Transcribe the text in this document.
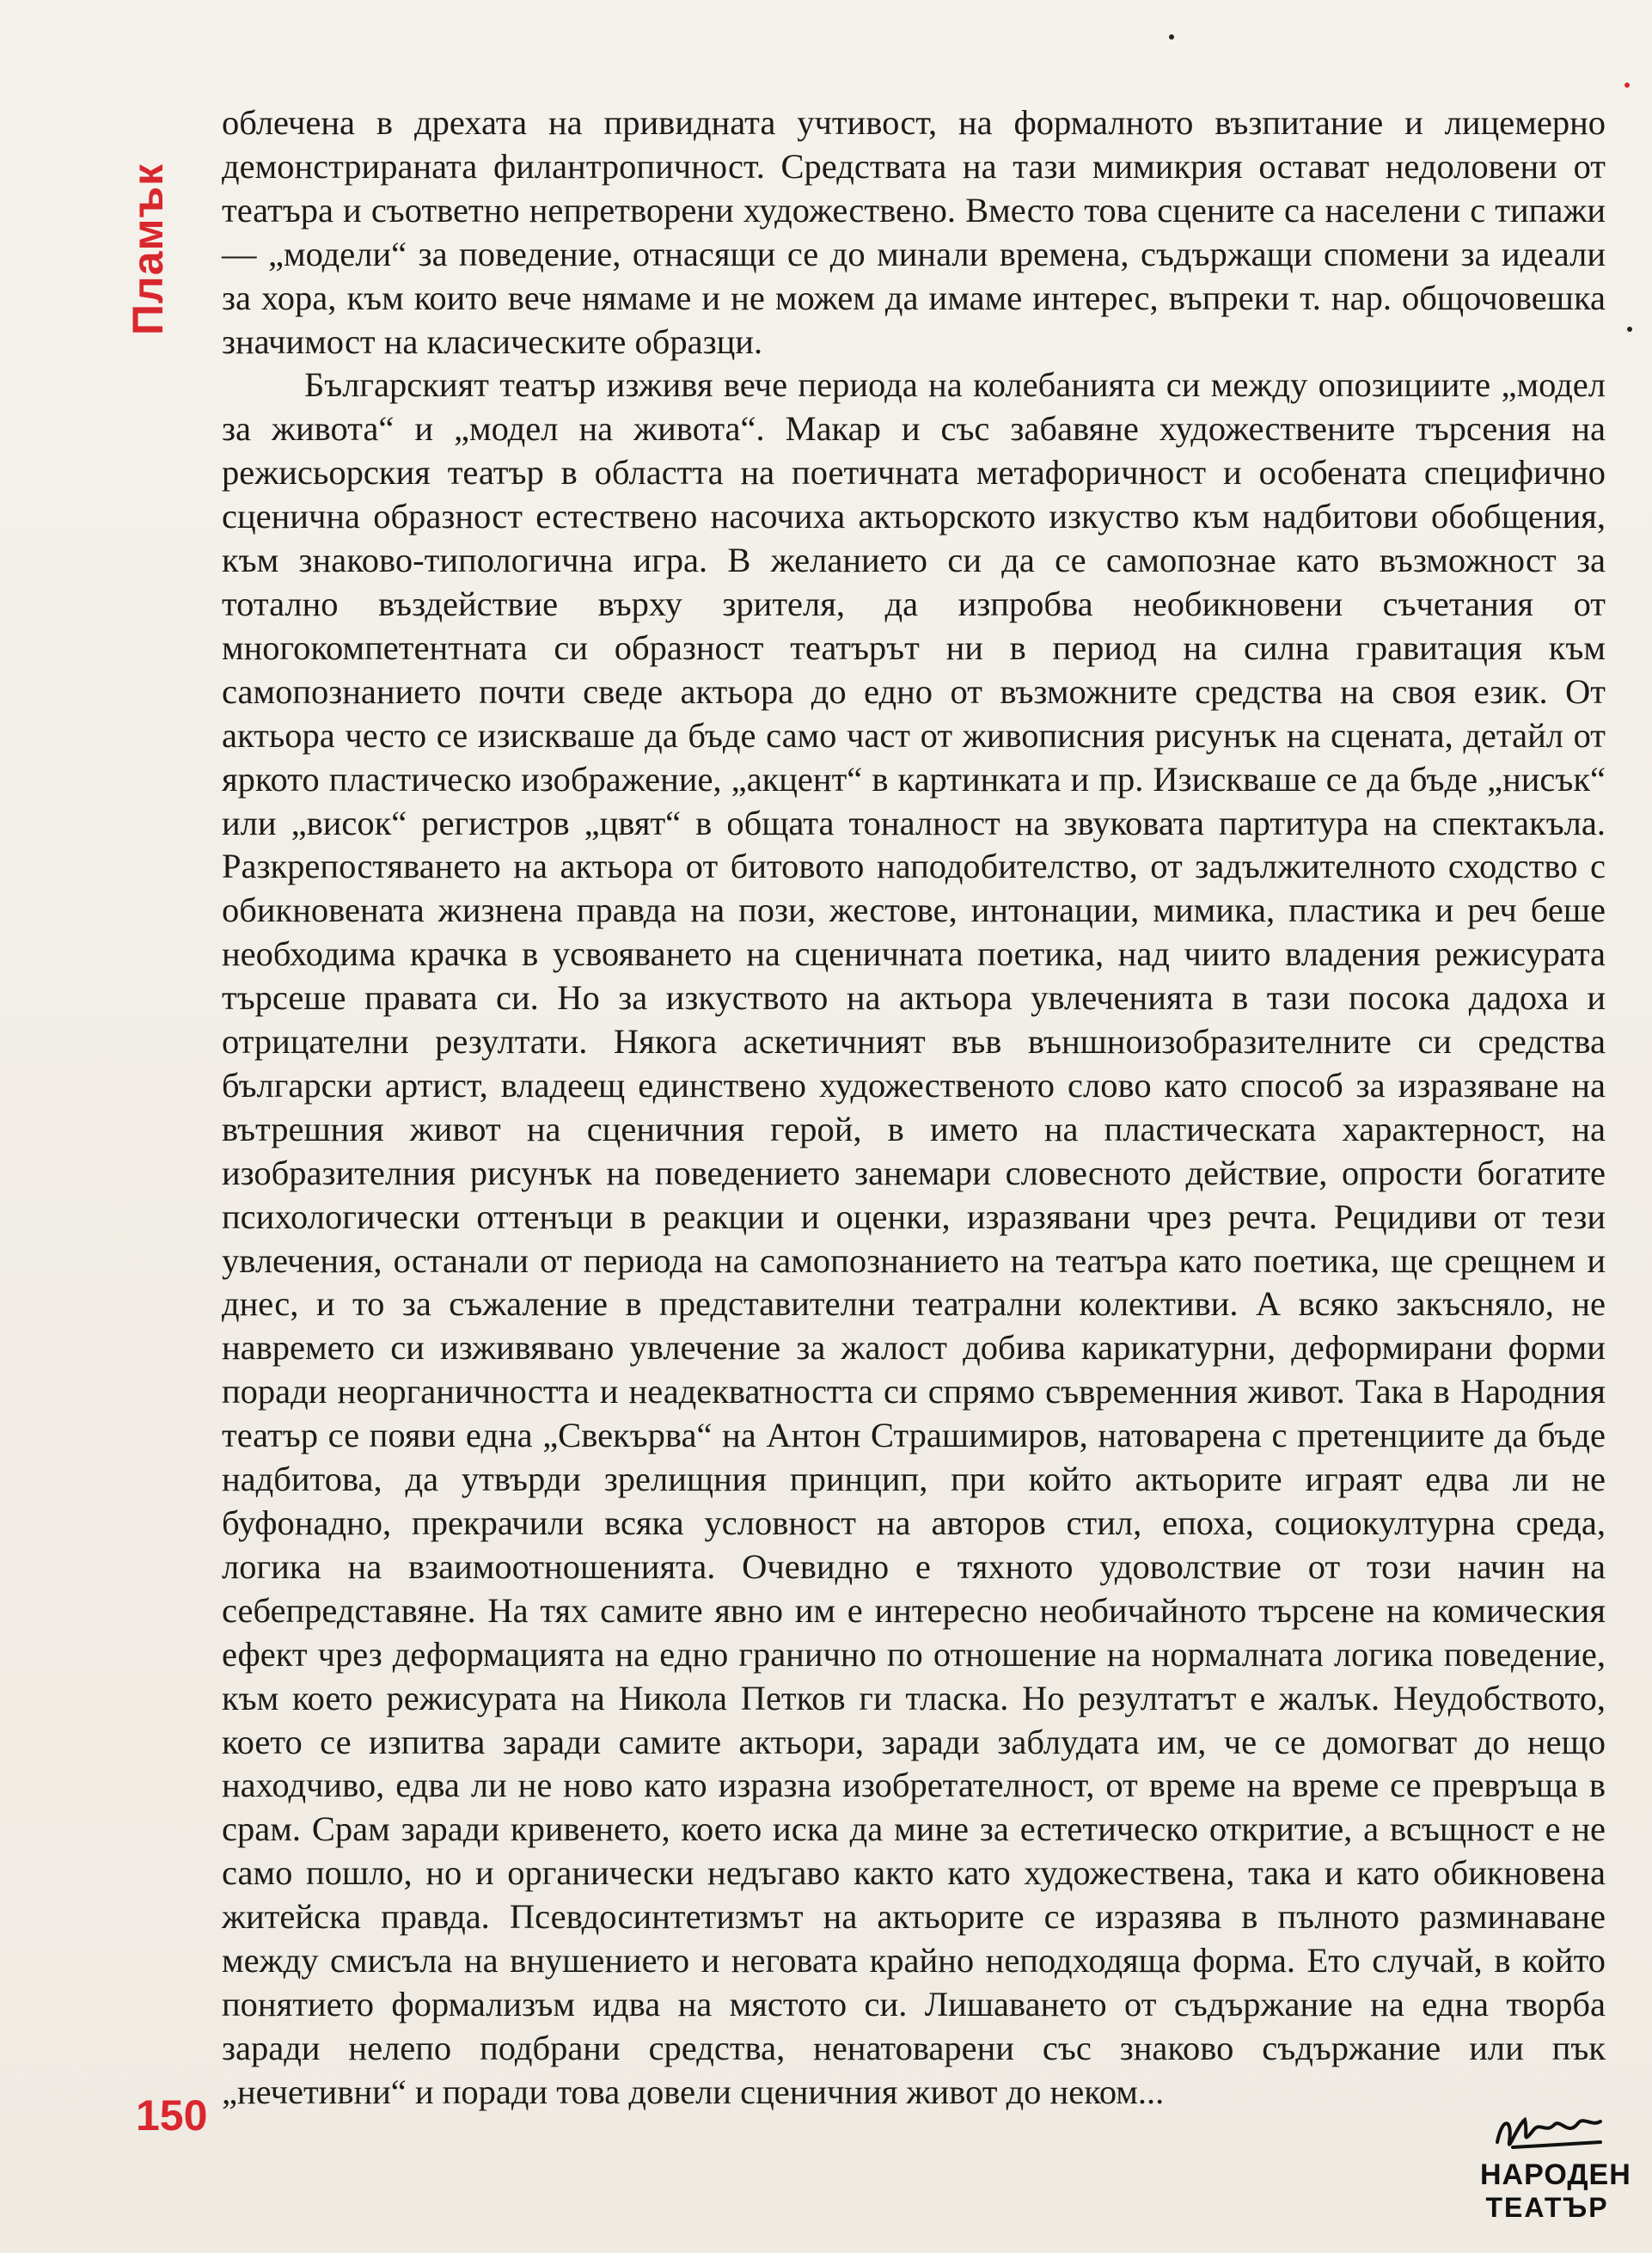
Пламък

облечена в дрехата на привидната учтивост, на формалното възпитание и лицемерно демонстрираната филантропичност. Средствата на тази мимикрия остават недоловени от театъра и съответно непретворени художествено. Вместо това сцените са населени с типажи — „модели“ за поведение, отнасящи се до минали времена, съдържащи спомени за идеали за хора, към които вече нямаме и не можем да имаме интерес, въпреки т. нар. общочовешка значимост на класическите образци.

Българският театър изживя вече периода на колебанията си между опозициите „модел за живота“ и „модел на живота“. Макар и със забавяне художествените търсения на режисьорския театър в областта на поетичната метафоричност и особената специфично сценична образност естествено насочиха актьорското изкуство към надбитови обобщения, към знаково-типологична игра. В желанието си да се самопознае като възможност за тотално въздействие върху зрителя, да изпробва необикновени съчетания от многокомпетентната си образност театърът ни в период на силна гравитация към самопознанието почти сведе актьора до едно от възможните средства на своя език. От актьора често се изискваше да бъде само част от живописния рисунък на сцената, детайл от яркото пластическо изображение, „акцент“ в картинката и пр. Изискваше се да бъде „нисък“ или „висок“ регистров „цвят“ в общата тоналност на звуковата партитура на спектакъла. Разкрепостяването на актьора от битовото наподобителство, от задължителното сходство с обикновената жизнена правда на пози, жестове, интонации, мимика, пластика и реч беше необходима крачка в усвояването на сценичната поетика, над чиито владения режисурата търсеше правата си. Но за изкуството на актьора увлеченията в тази посока дадоха и отрицателни резултати. Някога аскетичният във външноизобразителните си средства български артист, владеещ единствено художественото слово като способ за изразяване на вътрешния живот на сценичния герой, в името на пластическата характерност, на изобразителния рисунък на поведението занемари словесното действие, опрости богатите психологически оттенъци в реакции и оценки, изразявани чрез речта. Рецидиви от тези увлечения, останали от периода на самопознанието на театъра като поетика, ще срещнем и днес, и то за съжаление в представителни театрални колективи. А всяко закъсняло, не навремето си изживявано увлечение за жалост добива карикатурни, деформирани форми поради неорганичността и неадекватността си спрямо съвременния живот. Така в Народния театър се появи една „Свекърва“ на Антон Страшимиров, натоварена с претенциите да бъде надбитова, да утвърди зрелищния принцип, при който актьорите играят едва ли не буфонадно, прекрачили всяка условност на авторов стил, епоха, социокултурна среда, логика на взаимоотношенията. Очевидно е тяхното удоволствие от този начин на себепредставяне. На тях самите явно им е интересно необичайното търсене на комическия ефект чрез деформацията на едно гранично по отношение на нормалната логика поведение, към което режисурата на Никола Петков ги тласка. Но резултатът е жалък. Неудобството, което се изпитва заради самите актьори, заради заблудата им, че се домогват до нещо находчиво, едва ли не ново като изразна изобретателност, от време на време се превръща в срам. Срам заради кривенето, което иска да мине за естетическо откритие, а всъщност е не само пошло, но и органически недъгаво както като художествена, така и като обикновена житейска правда. Псевдосинтетизмът на актьорите се изразява в пълното разминаване между смисъла на внушението и неговата крайно неподходяща форма. Ето случай, в който понятието формализъм идва на мястото си. Лишаването от съдържание на една творба заради нелепо подбрани средства, ненатоварени със знаково съдържание или пък „нечетивни“ и поради това довели сценичния живот до неком...

150
НАРОДЕН
ТЕАТЪР
